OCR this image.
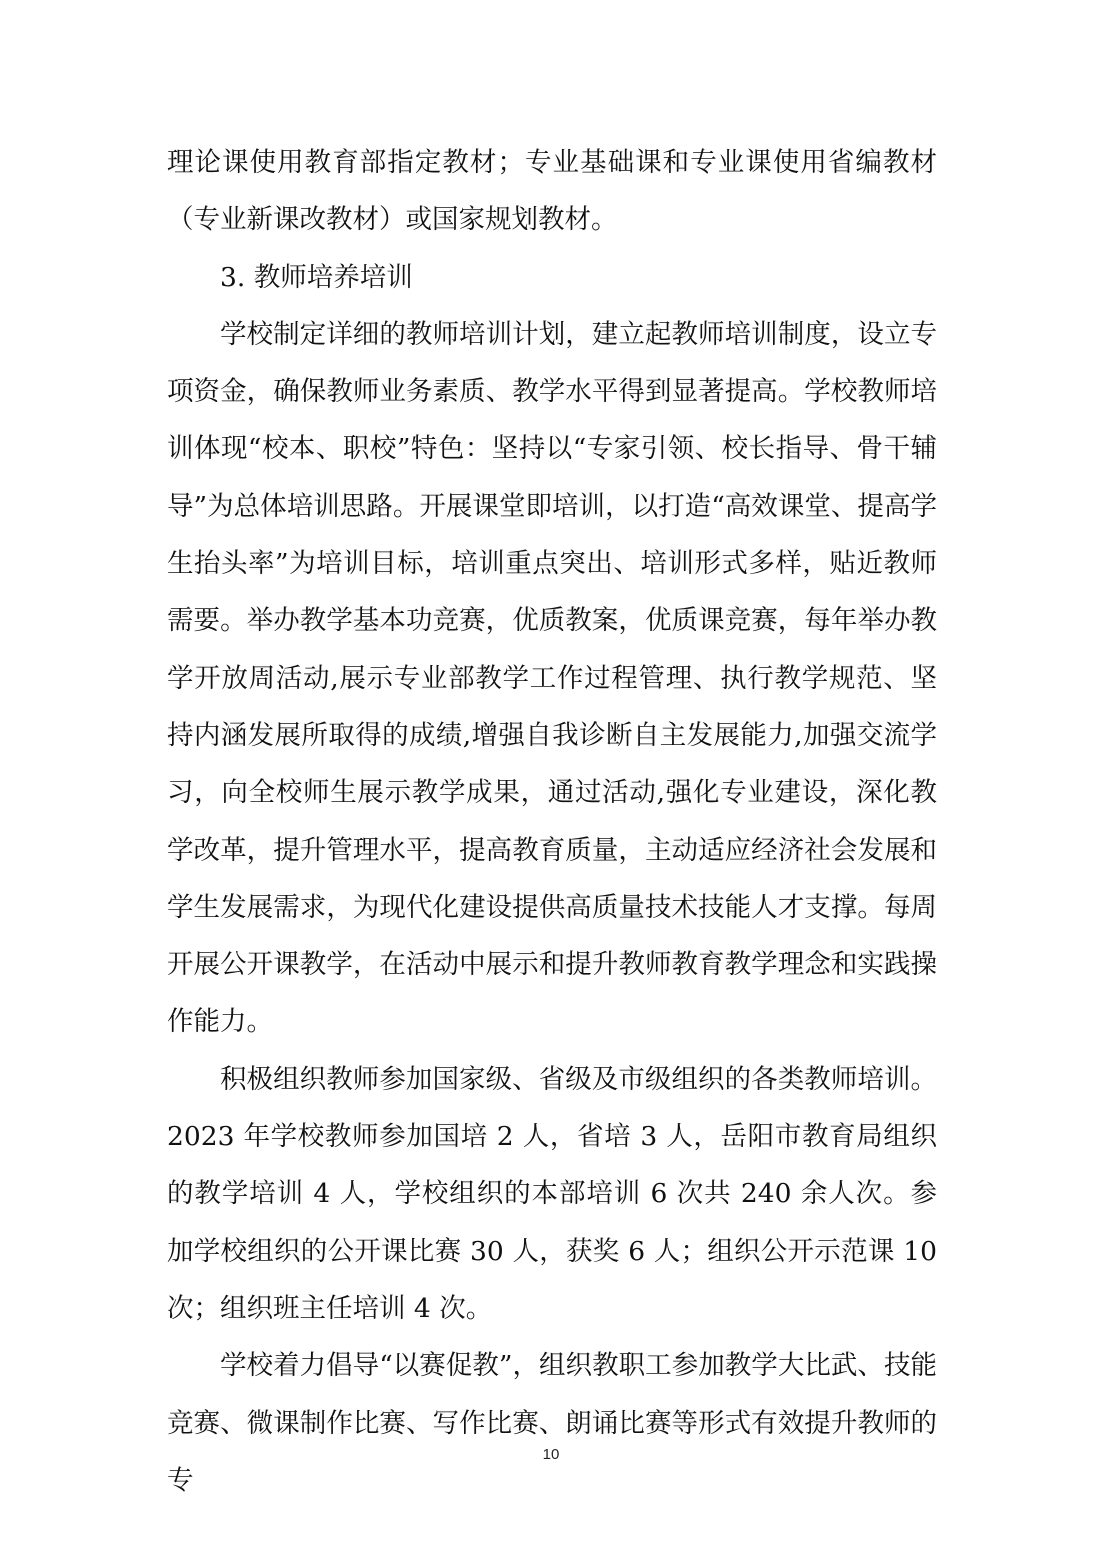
理论课使用教育部指定教材；专业基础课和专业课使用省编教材（专业新课改教材）或国家规划教材。

3. 教师培养培训

学校制定详细的教师培训计划，建立起教师培训制度，设立专项资金，确保教师业务素质、教学水平得到显著提高。学校教师培训体现“校本、职校”特色：坚持以“专家引领、校长指导、骨干辅导”为总体培训思路。开展课堂即培训，以打造“高效课堂、提高学生抬头率”为培训目标，培训重点突出、培训形式多样，贴近教师需要。举办教学基本功竞赛，优质教案，优质课竞赛，每年举办教学开放周活动,展示专业部教学工作过程管理、执行教学规范、坚持内涵发展所取得的成绩,增强自我诊断自主发展能力,加强交流学习，向全校师生展示教学成果，通过活动,强化专业建设，深化教学改革，提升管理水平，提高教育质量，主动适应经济社会发展和学生发展需求，为现代化建设提供高质量技术技能人才支撑。每周开展公开课教学，在活动中展示和提升教师教育教学理念和实践操作能力。

积极组织教师参加国家级、省级及市级组织的各类教师培训。2023 年学校教师参加国培 2 人，省培 3 人，岳阳市教育局组织的教学培训 4 人，学校组织的本部培训 6 次共 240 余人次。参加学校组织的公开课比赛 30 人，获奖 6 人；组织公开示范课 10 次；组织班主任培训 4 次。

学校着力倡导“以赛促教”，组织教职工参加教学大比武、技能竞赛、微课制作比赛、写作比赛、朗诵比赛等形式有效提升教师的专

10
